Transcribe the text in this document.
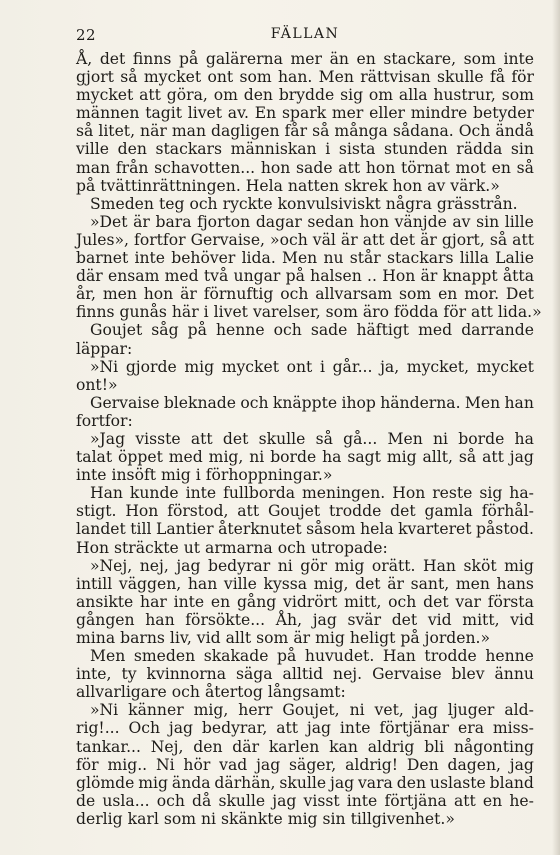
22	FÄLLAN
Å, det finns på galärerna mer än en stackare, som inte
gjort så mycket ont som han. Men rättvisan skulle få för
mycket att göra, om den brydde sig om alla hustrur, som
männen tagit livet av. En spark mer eller mindre betyder
så litet, när man dagligen får så många sådana. Och ändå
ville den stackars människan i sista stunden rädda sin
man från schavotten... hon sade att hon törnat mot en så
på tvättinrättningen. Hela natten skrek hon av värk.»
Smeden teg och ryckte konvulsiviskt några grässtrån.
»Det är bara fjorton dagar sedan hon vänjde av sin lille
Jules», fortfor Gervaise, »och väl är att det är gjort, så att
barnet inte behöver lida. Men nu står stackars lilla Lalie
där ensam med två ungar på halsen .. Hon är knappt åtta
år, men hon är förnuftig och allvarsam som en mor. Det
finns gunås här i livet varelser, som äro födda för att lida.»
Goujet såg på henne och sade häftigt med darrande
läppar:
»Ni gjorde mig mycket ont i går... ja, mycket, mycket
ont!»
Gervaise bleknade och knäppte ihop händerna. Men han
fortfor:
»Jag visste att det skulle så gå... Men ni borde ha
talat öppet med mig, ni borde ha sagt mig allt, så att jag
inte insöft mig i förhoppningar.»
Han kunde inte fullborda meningen. Hon reste sig ha-
stigt. Hon förstod, att Goujet trodde det gamla förhål-
landet till Lantier återknutet såsom hela kvarteret påstod.
Hon sträckte ut armarna och utropade:
»Nej, nej, jag bedyrar ni gör mig orätt. Han sköt mig
intill väggen, han ville kyssa mig, det är sant, men hans
ansikte har inte en gång vidrört mitt, och det var första
gången han försökte... Åh, jag svär det vid mitt, vid
mina barns liv, vid allt som är mig heligt på jorden.»
Men smeden skakade på huvudet. Han trodde henne
inte, ty kvinnorna säga alltid nej. Gervaise blev ännu
allvarligare och återtog långsamt:
»Ni känner mig, herr Goujet, ni vet, jag ljuger ald-
rig!... Och jag bedyrar, att jag inte förtjänar era miss-
tankar... Nej, den där karlen kan aldrig bli någonting
för mig.. Ni hör vad jag säger, aldrig! Den dagen, jag
glömde mig ända därhän, skulle jag vara den uslaste bland
de usla... och då skulle jag visst inte förtjäna att en he-
derlig karl som ni skänkte mig sin tillgivenhet.»
